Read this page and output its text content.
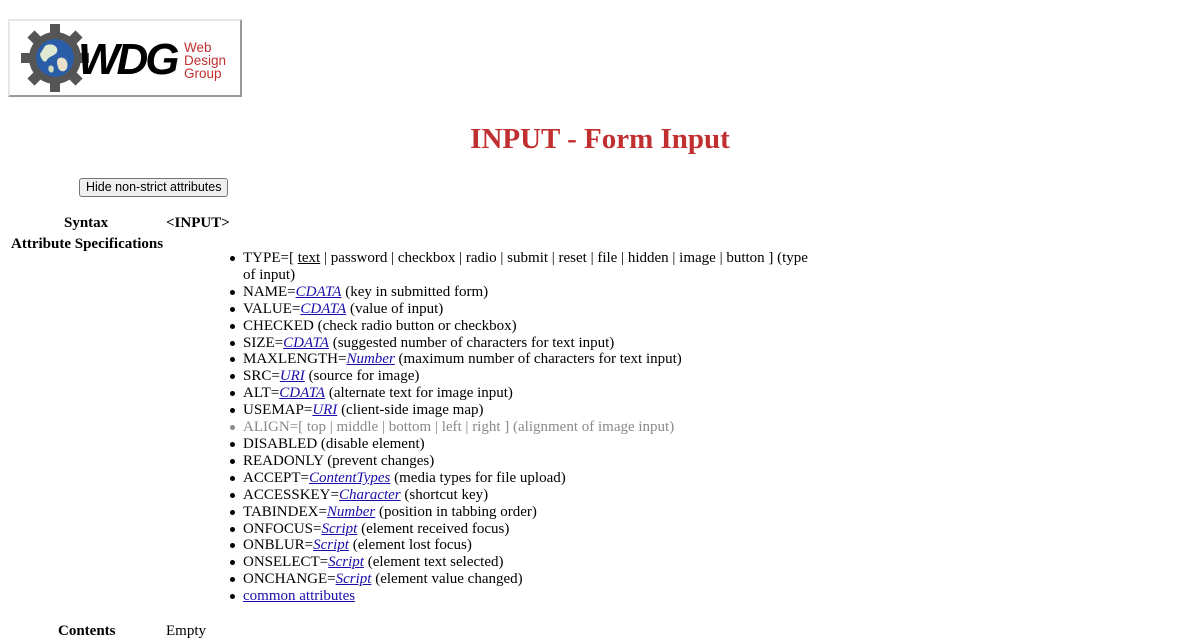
WDG Web
Design
Group
INPUT - Form Input
Hide non-strict attributes
Syntax	<INPUT>
Attribute Specifications
TYPE=[ text | password | checkbox | radio | submit | reset | file | hidden | image | button ] (type of input)
NAME=CDATA (key in submitted form)
VALUE=CDATA (value of input)
CHECKED (check radio button or checkbox)
SIZE=CDATA (suggested number of characters for text input)
MAXLENGTH=Number (maximum number of characters for text input)
SRC=URI (source for image)
ALT=CDATA (alternate text for image input)
USEMAP=URI (client-side image map)
ALIGN=[ top | middle | bottom | left | right ] (alignment of image input)
DISABLED (disable element)
READONLY (prevent changes)
ACCEPT=ContentTypes (media types for file upload)
ACCESSKEY=Character (shortcut key)
TABINDEX=Number (position in tabbing order)
ONFOCUS=Script (element received focus)
ONBLUR=Script (element lost focus)
ONSELECT=Script (element text selected)
ONCHANGE=Script (element value changed)
common attributes
Contents	Empty
